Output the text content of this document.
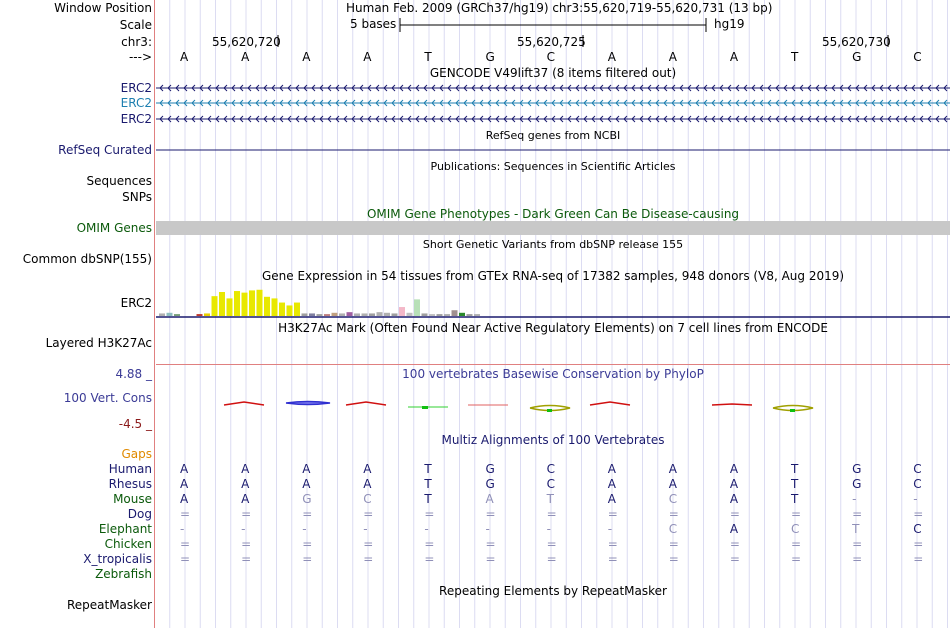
Window Position	Human Feb. 2009 (GRCh37/hg19) chr3:55,620,719-55,620,731 (13 bp)
Scale	5 bases	hg19
chr3:	55,620,720	55,620,725	55,620,730
---> A	A	A	A	T	G	C	A	A	A	T	G	C
GENCODE V49lift37 (8 items filtered out)
ERC2
ERC2
ERC2
RefSeq genes from NCBI
RefSeq Curated
Publications: Sequences in Scientific Articles
Sequences
SNPs
OMIM Gene Phenotypes - Dark Green Can Be Disease-causing
OMIM Genes
Short Genetic Variants from dbSNP release 155
Common dbSNP(155)
Gene Expression in 54 tissues from GTEx RNA-seq of 17382 samples, 948 donors (V8, Aug 2019)
ERC2
H3K27Ac Mark (Often Found Near Active Regulatory Elements) on 7 cell lines from ENCODE
Layered H3K27Ac
4.88 _	100 vertebrates Basewise Conservation by PhyloP
100 Vert. Cons
-4.5 _
Multiz Alignments of 100 Vertebrates
Gaps
Human A	A	A	A	T	G	C	A	A	A	T	G	C
Rhesus A	A	A	A	T	G	C	A	A	A	T	G	C
Mouse A	A	G	C	T	A	T	A	C	A	T	-	-
Dog =	=	=	=	=	=	=	=	=	=	=	=	=
Elephant -	-	-	-	-	-	-	-	C	A	C	T	C
Chicken =	=	=	=	=	=	=	=	=	=	=	=	=
X_tropicalis =	=	=	=	=	=	=	=	=	=	=	=	=
Zebrafish
Repeating Elements by RepeatMasker
RepeatMasker
